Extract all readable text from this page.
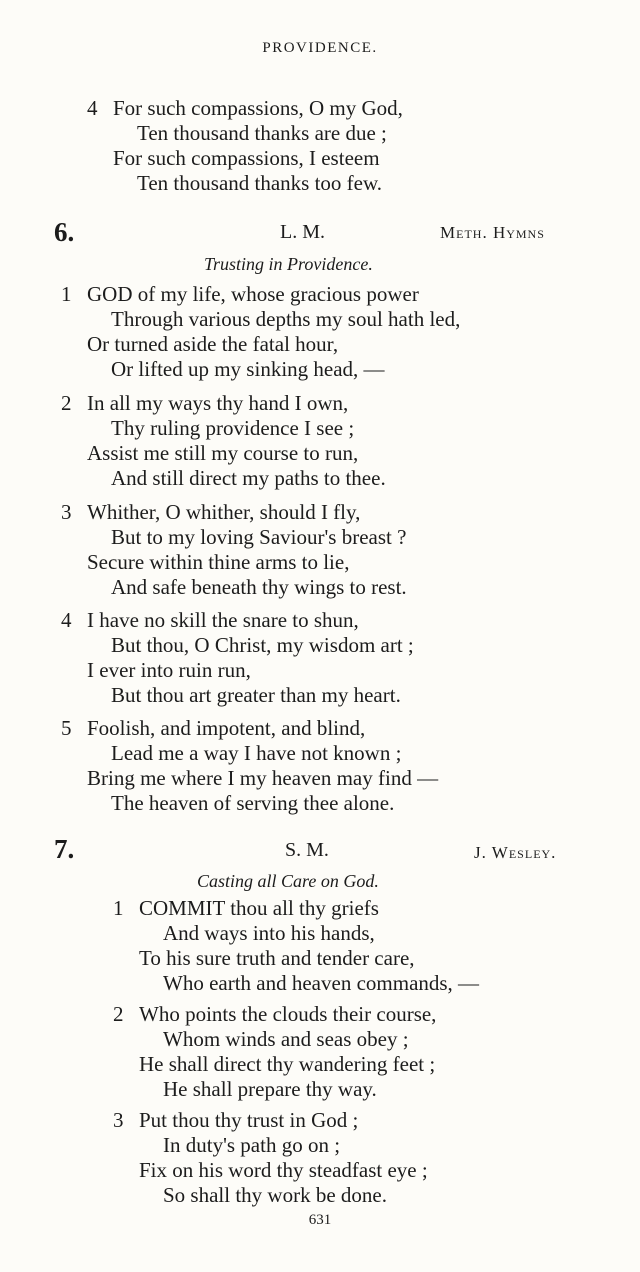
PROVIDENCE.
4 For such compassions, O my God,
Ten thousand thanks are due ;
For such compassions, I esteem
Ten thousand thanks too few.
6.	L. M.	Meth. Hymns
Trusting in Providence.
1 GOD of my life, whose gracious power
Through various depths my soul hath led,
Or turned aside the fatal hour,
Or lifted up my sinking head, —
2 In all my ways thy hand I own,
Thy ruling providence I see ;
Assist me still my course to run,
And still direct my paths to thee.
3 Whither, O whither, should I fly,
But to my loving Saviour's breast ?
Secure within thine arms to lie,
And safe beneath thy wings to rest.
4 I have no skill the snare to shun,
But thou, O Christ, my wisdom art ;
I ever into ruin run,
But thou art greater than my heart.
5 Foolish, and impotent, and blind,
Lead me a way I have not known ;
Bring me where I my heaven may find —
The heaven of serving thee alone.
7.	S. M.	J. Wesley.
Casting all Care on God.
1 COMMIT thou all thy griefs
And ways into his hands,
To his sure truth and tender care,
Who earth and heaven commands, —
2 Who points the clouds their course,
Whom winds and seas obey ;
He shall direct thy wandering feet ;
He shall prepare thy way.
3 Put thou thy trust in God ;
In duty's path go on ;
Fix on his word thy steadfast eye ;
So shall thy work be done.
631
